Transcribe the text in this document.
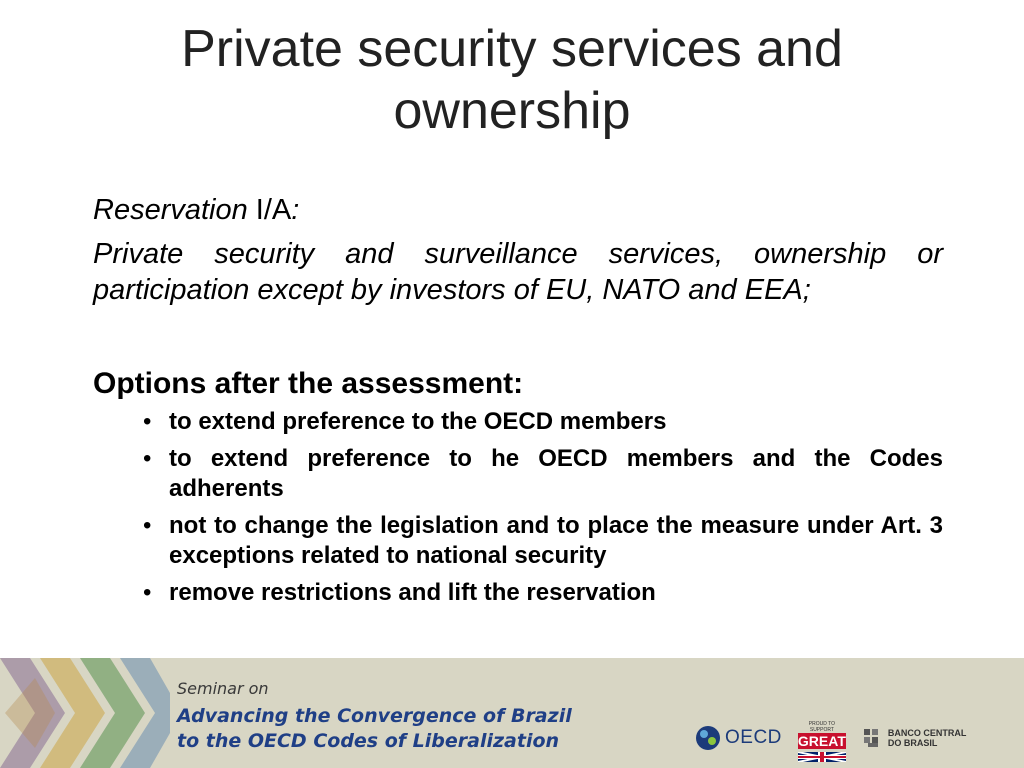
Private security services and ownership
Reservation I/A:

Private security and surveillance services, ownership or participation except by investors of EU, NATO and EEA;

Options after the assessment:
• to extend preference to the OECD members
• to extend preference to he OECD members and the Codes adherents
• not to change the legislation and to place the measure under Art. 3 exceptions related to national security
• remove restrictions and lift the reservation
Seminar on
Advancing the Convergence of Brazil
to the OECD Codes of Liberalization	OECD
PROUD TO SUPPORT
GREAT	BANCO CENTRAL
DO BRASIL
